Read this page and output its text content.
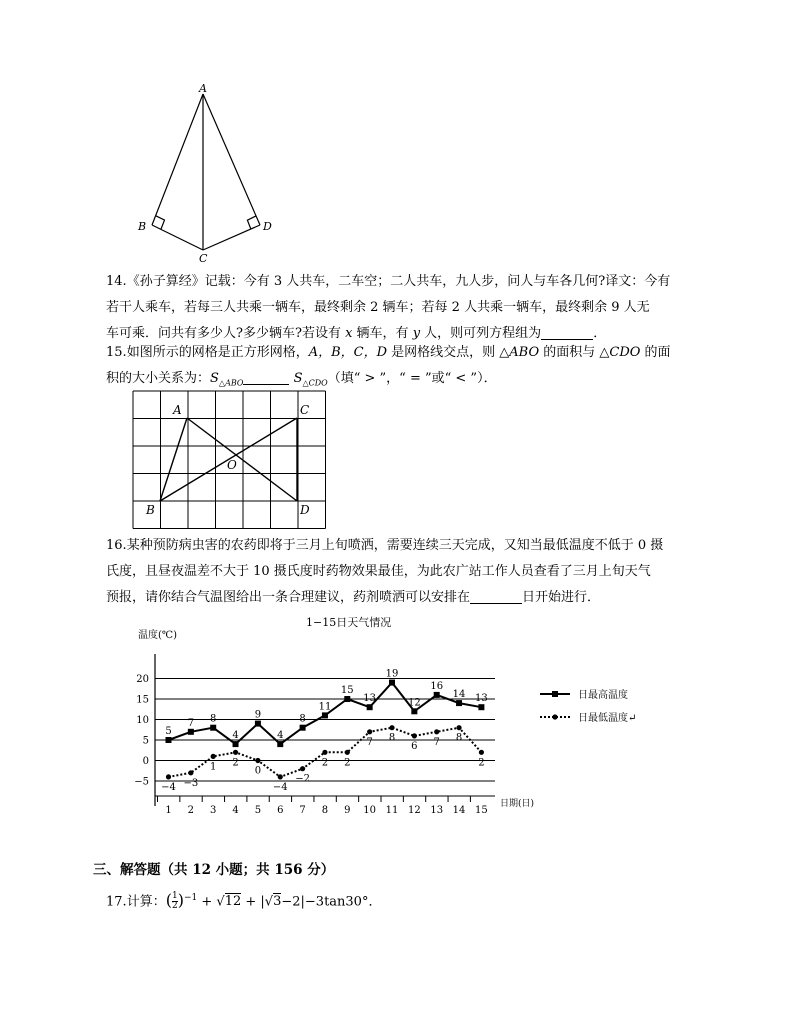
A
B
C
D

14.《孙子算经》记载：今有 3 人共车，二车空；二人共车，九人步，问人与车各几何?译文：今有

若干人乘车，若每三人共乘一辆车，最终剩余 2 辆车；若每 2 人共乘一辆车，最终剩余 9 人无

车可乘．问共有多少人?多少辆车?若设有 x 辆车，有 y 人，则可列方程组为	．

15.如图所示的网格是正方形网格，A，B，C，D 是网格线交点，则 △ABO 的面积与 △CDO 的面

积的大小关系为：$S_{\triangle ABO}$	$S_{\triangle CDO}$（填“ > ”，“ = ”或“ < ”）．

A	C
O
B	D

16.某种预防病虫害的农药即将于三月上旬喷洒，需要连续三天完成，又知当最低温度不低于 0 摄

氏度，且昼夜温差不大于 10 摄氏度时药物效果最佳，为此农广站工作人员查看了三月上旬天气

预报，请你结合气温图给出一条合理建议，药剂喷洒可以安排在	日开始进行．

1−15日天气情况
温度(℃)
日期(日)
20
15
10
5
0
−5
1 2 3 4 5 6 7 8 9 10 11 12 13 14 15
5
7 8
4
9
4
8
11
15
13
19
12
16
14 13
−4 −3
1 2
0
−4
−2
2 2
7 8
6 7 8
2
日最高温度
日最低温度↵
三、解答题（共 12 小题；共 156 分）
17.计算：( $\frac{1}{2} )^{-1} + √12 + |√3-2|-3\tan 30^\circ$．
